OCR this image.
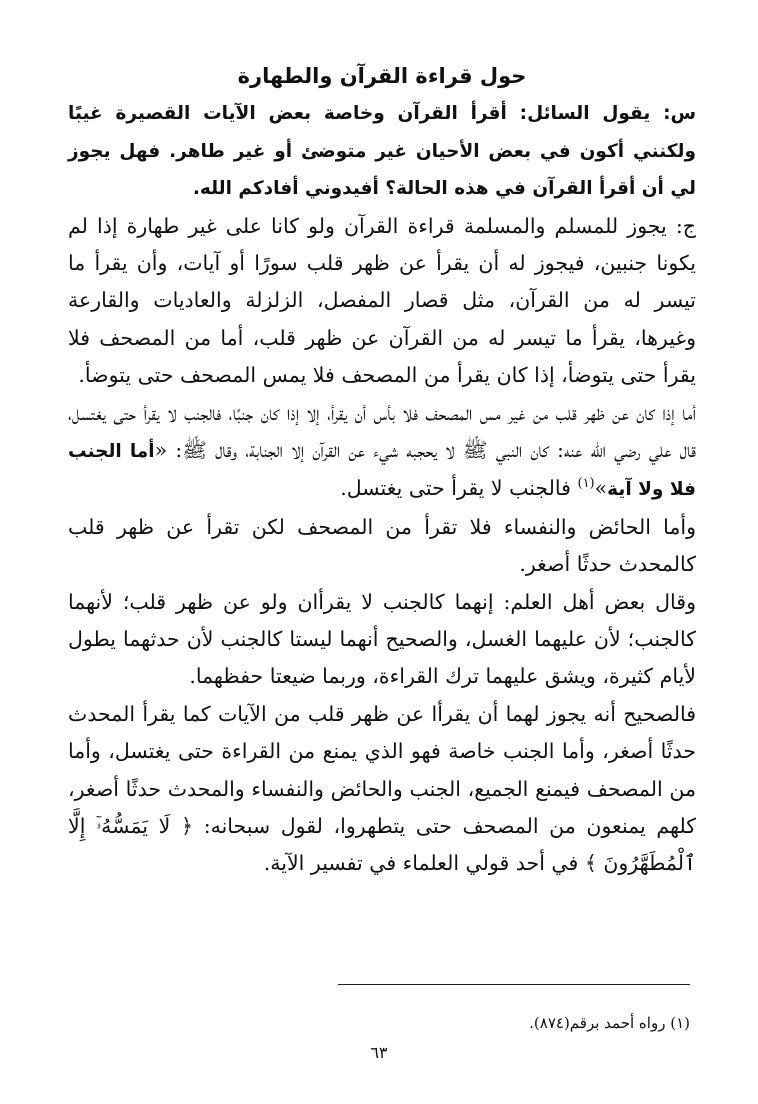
حول قراءة القرآن والطهارة

س: يقول السائل: أقرأ القرآن وخاصة بعض الآيات القصيرة غيبًا ولكنني أكون في بعض الأحيان غير متوضئ أو غير طاهر. فهل يجوز لي أن أقرأ القرآن في هذه الحالة؟ أفيدوني أفادكم الله.

ج: يجوز للمسلم والمسلمة قراءة القرآن ولو كانا على غير طهارة إذا لم يكونا جنبين، فيجوز له أن يقرأ عن ظهر قلب سورًا أو آيات، وأن يقرأ ما تيسر له من القرآن، مثل قصار المفصل، الزلزلة والعاديات والقارعة وغيرها، يقرأ ما تيسر له من القرآن عن ظهر قلب، أما من المصحف فلا يقرأ حتى يتوضأ، إذا كان يقرأ من المصحف فلا يمس المصحف حتى يتوضأ.

أما إذا كان عن ظهر قلب من غير مس المصحف فلا بأس أن يقرأ، إلا إذا كان جنبًا، فالجنب لا يقرأ حتى يغتسل، قال علي رضي الله عنه: كان النبي ﷺ لا يحجبه شيء عن القرآن إلا الجنابة، وقال ﷺ: «أما الجنب فلا ولا آية»$^{(١)}$ فالجنب لا يقرأ حتى يغتسل.

وأما الحائض والنفساء فلا تقرأ من المصحف لكن تقرأ عن ظهر قلب كالمحدث حدثًا أصغر.

وقال بعض أهل العلم: إنهما كالجنب لا يقرأان ولو عن ظهر قلب؛ لأنهما كالجنب؛ لأن عليهما الغسل، والصحيح أنهما ليستا كالجنب لأن حدثهما يطول لأيام كثيرة، ويشق عليهما ترك القراءة، وربما ضيعتا حفظهما.

فالصحيح أنه يجوز لهما أن يقرأا عن ظهر قلب من الآيات كما يقرأ المحدث حدثًا أصغر، وأما الجنب خاصة فهو الذي يمنع من القراءة حتى يغتسل، وأما من المصحف فيمنع الجميع، الجنب والحائض والنفساء والمحدث حدثًا أصغر، كلهم يمنعون من المصحف حتى يتطهروا، لقول سبحانه: ﴿ لَا يَمَسُّهُۥٓ إِلَّا ٱلْمُطَهَّرُونَ ﴾ في أحد قولي العلماء في تفسير الآية.

(١) رواه أحمد برقم(٨٧٤).
٦٣
